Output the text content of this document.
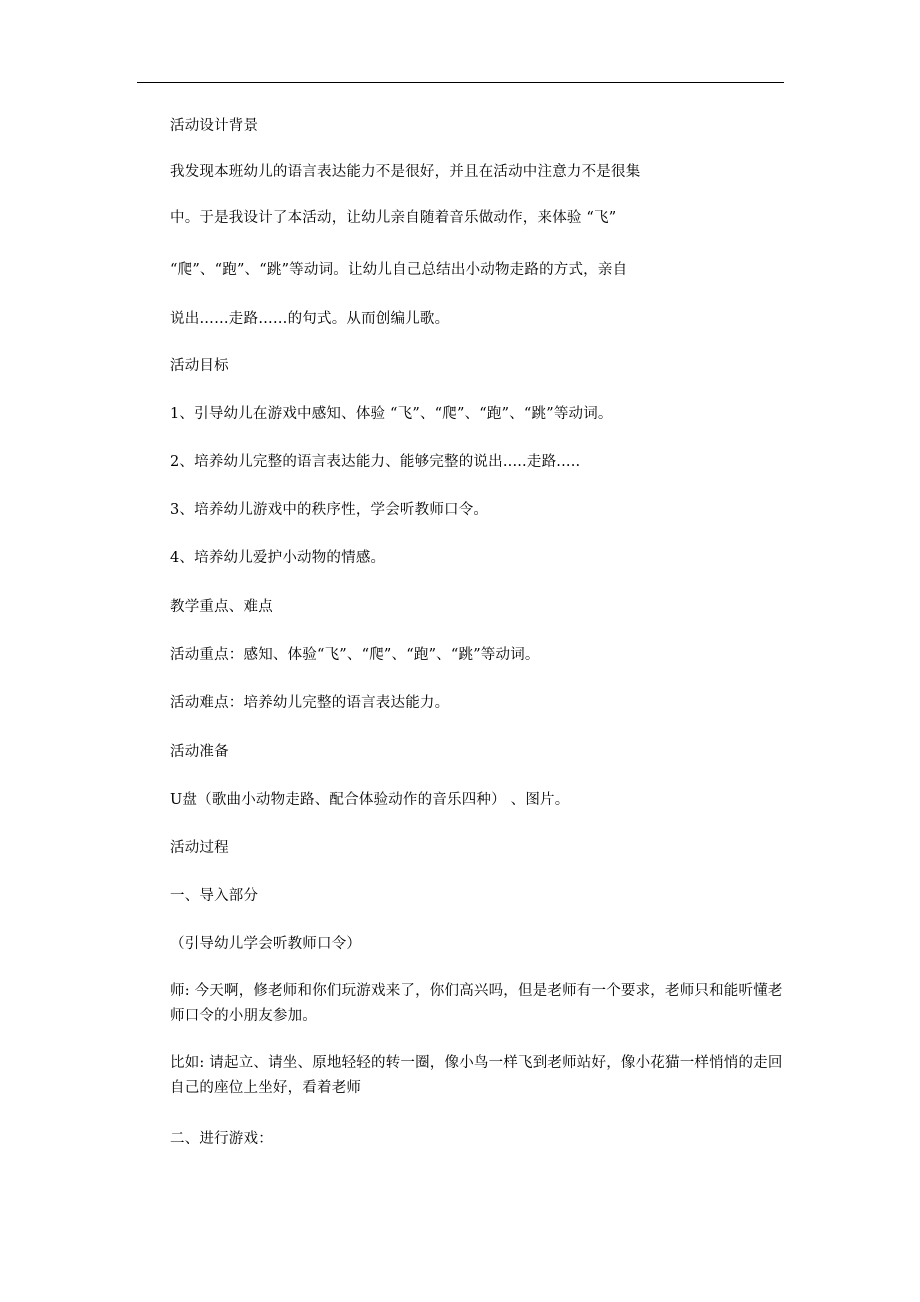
活动设计背景
我发现本班幼儿的语言表达能力不是很好，并且在活动中注意力不是很集
中。于是我设计了本活动，让幼儿亲自随着音乐做动作，来体验 “飞”
“爬”、“跑”、“跳”等动词。让幼儿自己总结出小动物走路的方式，亲自
说出……走路……的句式。从而创编儿歌。
活动目标
1、引导幼儿在游戏中感知、体验 “飞”、“爬”、“跑”、“跳”等动词。
2、培养幼儿完整的语言表达能力、能够完整的说出.....走路.....
3、培养幼儿游戏中的秩序性，学会听教师口令。
4、培养幼儿爱护小动物的情感。
教学重点、难点
活动重点：感知、体验“飞”、“爬”、“跑”、“跳”等动词。
活动难点：培养幼儿完整的语言表达能力。
活动准备
U盘（歌曲小动物走路、配合体验动作的音乐四种） 、图片。
活动过程
一、导入部分
（引导幼儿学会听教师口令）
师: 今天啊，修老师和你们玩游戏来了，你们高兴吗，但是老师有一个要求，老师只和能听懂老师口令的小朋友参加。
比如: 请起立、请坐、原地轻轻的转一圈，像小鸟一样飞到老师站好，像小花猫一样悄悄的走回自己的座位上坐好，看着老师
二、进行游戏：
